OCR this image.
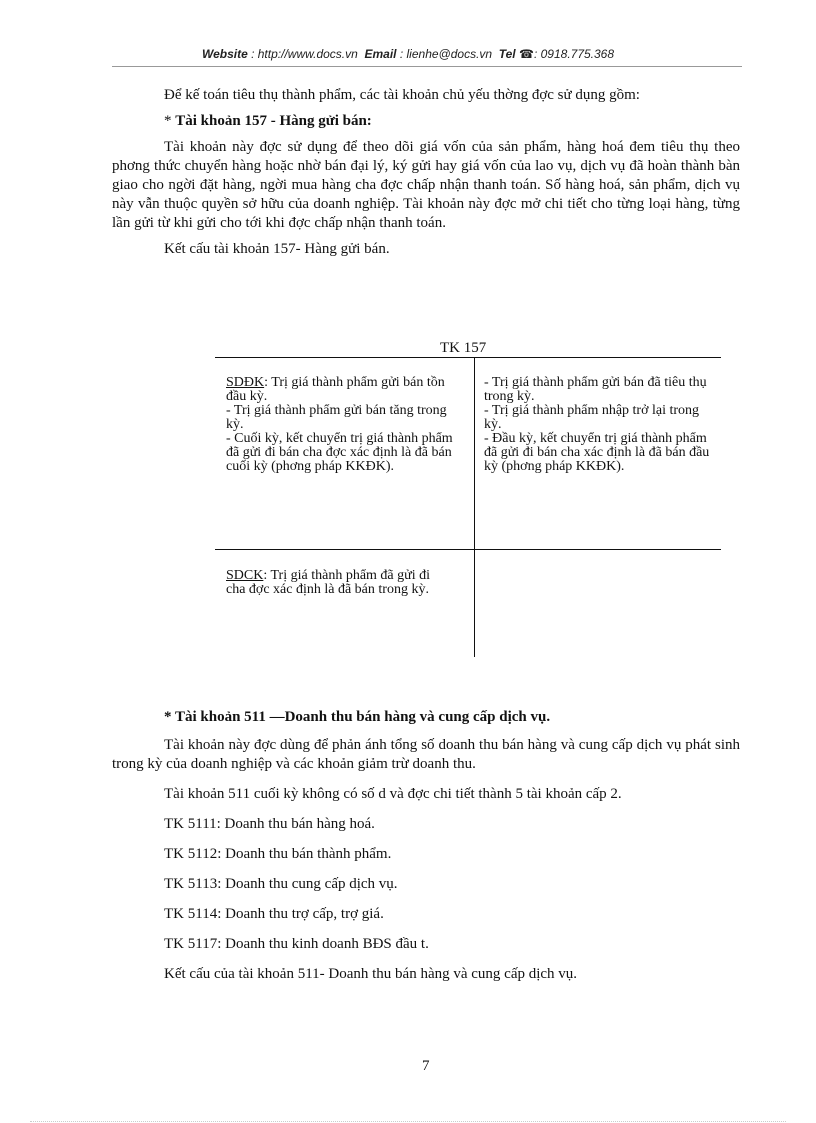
Website : http://www.docs.vn Email : lienhe@docs.vn Tel ☎: 0918.775.368

Để kế toán tiêu thụ thành phẩm, các tài khoản chủ yếu thờng đợc sử dụng gồm:

* Tài khoản 157 - Hàng gửi bán:

Tài khoản này đợc sử dụng để theo dõi giá vốn của sản phẩm, hàng hoá đem tiêu thụ theo phơng thức chuyển hàng hoặc nhờ bán đại lý, ký gửi hay giá vốn của lao vụ, dịch vụ đã hoàn thành bàn giao cho ngời đặt hàng, ngời mua hàng cha đợc chấp nhận thanh toán. Số hàng hoá, sản phẩm, dịch vụ này vẫn thuộc quyền sở hữu của doanh nghiệp. Tài khoản này đợc mở chi tiết cho từng loại hàng, từng lần gửi từ khi gửi cho tới khi đợc chấp nhận thanh toán.

Kết cấu tài khoản 157- Hàng gửi bán.

TK 157
SDĐK: Trị giá thành phẩm gửi bán tồn đầu kỳ.
- Trị giá thành phẩm gửi bán tăng trong kỳ.
- Cuối kỳ, kết chuyển trị giá thành phẩm đã gửi đi bán cha đợc xác định là đã bán cuối kỳ (phơng pháp KKĐK).
- Trị giá thành phẩm gửi bán đã tiêu thụ trong kỳ.
- Trị giá thành phẩm nhập trở lại trong kỳ.
- Đầu kỳ, kết chuyển trị giá thành phẩm đã gửi đi bán cha xác định là đã bán đầu kỳ (phơng pháp KKĐK).
SDCK: Trị giá thành phẩm đã gửi đi cha đợc xác định là đã bán trong kỳ.

* Tài khoản 511 —Doanh thu bán hàng và cung cấp dịch vụ.

Tài khoản này đợc dùng để phản ánh tổng số doanh thu bán hàng và cung cấp dịch vụ phát sinh trong kỳ của doanh nghiệp và các khoản giảm trừ doanh thu.

Tài khoản 511 cuối kỳ không có số d và đợc chi tiết thành 5 tài khoản cấp 2.

TK 5111: Doanh thu bán hàng hoá.

TK 5112: Doanh thu bán thành phẩm.

TK 5113: Doanh thu cung cấp dịch vụ.

TK 5114: Doanh thu trợ cấp, trợ giá.

TK 5117: Doanh thu kinh doanh BĐS đầu t.

Kết cấu của tài khoản 511- Doanh thu bán hàng và cung cấp dịch vụ.

7
